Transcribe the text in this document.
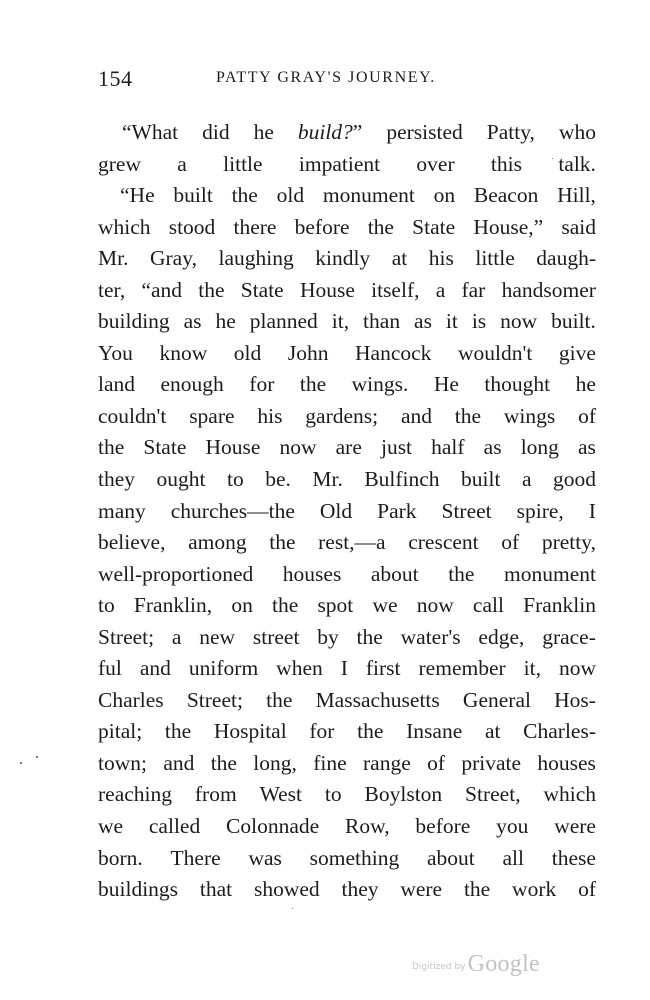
154	PATTY GRAY'S JOURNEY.
“What did he build?” persisted Patty, who
grew a little impatient over this talk.
“He built the old monument on Beacon Hill,
which stood there before the State House,” said
Mr. Gray, laughing kindly at his little daugh-
ter, “and the State House itself, a far handsomer
building as he planned it, than as it is now built.
You know old John Hancock wouldn't give
land enough for the wings. He thought he
couldn't spare his gardens; and the wings of
the State House now are just half as long as
they ought to be. Mr. Bulfinch built a good
many churches—the Old Park Street spire, I
believe, among the rest,—a crescent of pretty,
well-proportioned houses about the monument
to Franklin, on the spot we now call Franklin
Street; a new street by the water's edge, grace-
ful and uniform when I first remember it, now
Charles Street; the Massachusetts General Hos-
pital; the Hospital for the Insane at Charles-
town; and the long, fine range of private houses
reaching from West to Boylston Street, which
we called Colonnade Row, before you were
born. There was something about all these
buildings that showed they were the work of
Digitized by Google
